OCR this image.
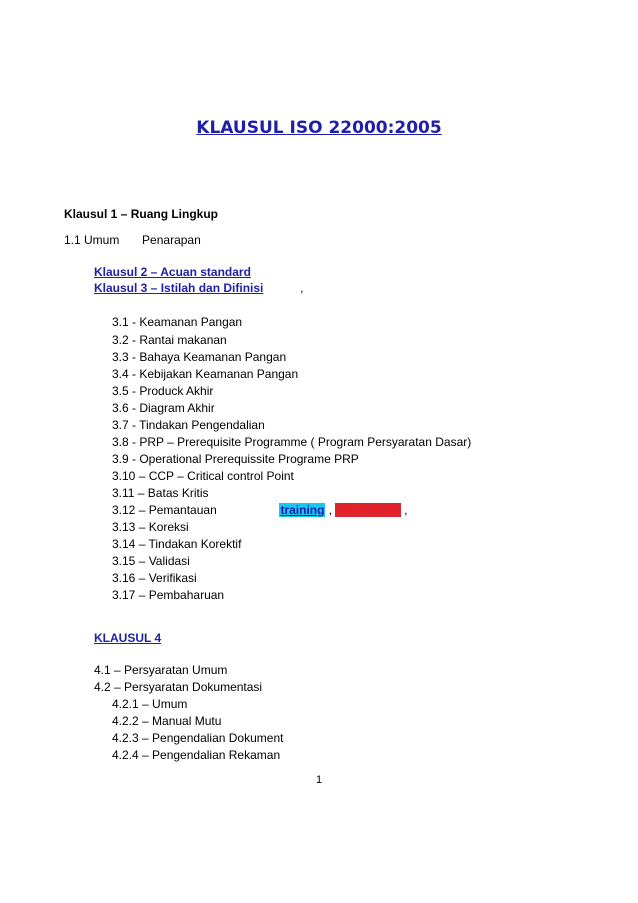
KLAUSUL ISO 22000:2005
Klausul 1 – Ruang Lingkup
1.1 Umum Penarapan
Klausul 2 – Acuan standard
Klausul 3 – Istilah dan Difinisi	,
3.1 - Keamanan Pangan
3.2 - Rantai makanan
3.3 - Bahaya Keamanan Pangan
3.4 - Kebijakan Keamanan Pangan
3.5 - Produck Akhir
3.6 - Diagram Akhir
3.7 - Tindakan Pengendalian
3.8 - PRP – Prerequisite Programme ( Program Persyaratan Dasar)
3.9 - Operational Prerequissite Programe PRP
3.10 – CCP – Critical control Point
3.11 – Batas Kritis
3.12 – Pemantauan	training , JOBS DISC ,
3.13 – Koreksi
3.14 – Tindakan Korektif
3.15 – Validasi
3.16 – Verifikasi
3.17 – Pembaharuan
KLAUSUL 4
4.1 – Persyaratan Umum
4.2 – Persyaratan Dokumentasi
4.2.1 – Umum
4.2.2 – Manual Mutu
4.2.3 – Pengendalian Dokument
4.2.4 – Pengendalian Rekaman
1
